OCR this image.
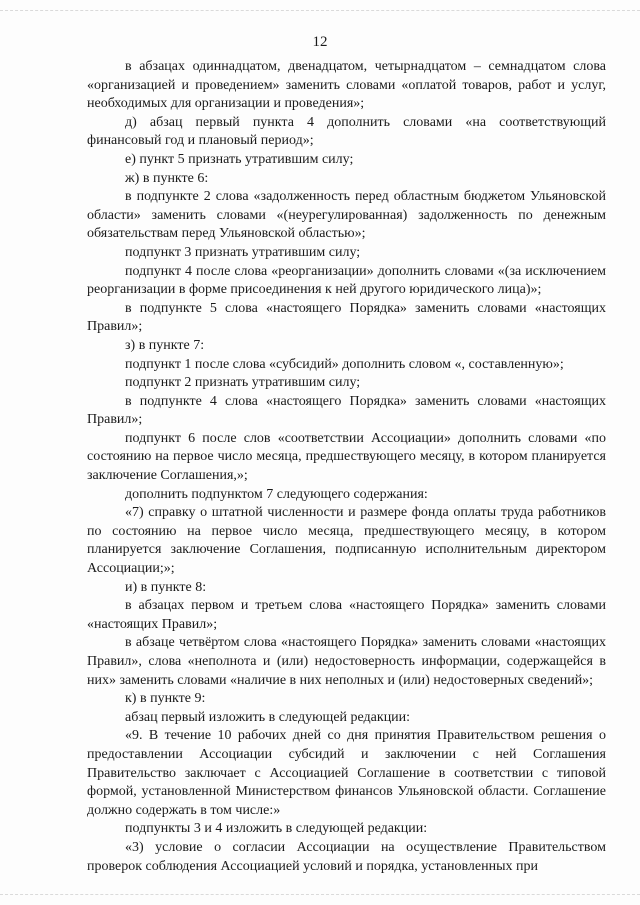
12

в абзацах одиннадцатом, двенадцатом, четырнадцатом – семнадцатом слова «организацией и проведением» заменить словами «оплатой товаров, работ и услуг, необходимых для организации и проведения»;

д) абзац первый пункта 4 дополнить словами «на соответствующий финансовый год и плановый период»;

е) пункт 5 признать утратившим силу;

ж) в пункте 6:

в подпункте 2 слова «задолженность перед областным бюджетом Ульяновской области» заменить словами «(неурегулированная) задолженность по денежным обязательствам перед Ульяновской областью»;

подпункт 3 признать утратившим силу;

подпункт 4 после слова «реорганизации» дополнить словами «(за исключением реорганизации в форме присоединения к ней другого юридического лица)»;

в подпункте 5 слова «настоящего Порядка» заменить словами «настоящих Правил»;

з) в пункте 7:

подпункт 1 после слова «субсидий» дополнить словом «, составленную»;

подпункт 2 признать утратившим силу;

в подпункте 4 слова «настоящего Порядка» заменить словами «настоящих Правил»;

подпункт 6 после слов «соответствии Ассоциации» дополнить словами «по состоянию на первое число месяца, предшествующего месяцу, в котором планируется заключение Соглашения,»;

дополнить подпунктом 7 следующего содержания:

«7) справку о штатной численности и размере фонда оплаты труда работников по состоянию на первое число месяца, предшествующего месяцу, в котором планируется заключение Соглашения, подписанную исполнительным директором Ассоциации;»;

и) в пункте 8:

в абзацах первом и третьем слова «настоящего Порядка» заменить словами «настоящих Правил»;

в абзаце четвёртом слова «настоящего Порядка» заменить словами «настоящих Правил», слова «неполнота и (или) недостоверность информации, содержащейся в них» заменить словами «наличие в них неполных и (или) недостоверных сведений»;

к) в пункте 9:

абзац первый изложить в следующей редакции:

«9. В течение 10 рабочих дней со дня принятия Правительством решения о предоставлении Ассоциации субсидий и заключении с ней Соглашения Правительство заключает с Ассоциацией Соглашение в соответствии с типовой формой, установленной Министерством финансов Ульяновской области. Соглашение должно содержать в том числе:»

подпункты 3 и 4 изложить в следующей редакции:

«3) условие о согласии Ассоциации на осуществление Правительством проверок соблюдения Ассоциацией условий и порядка, установленных при
